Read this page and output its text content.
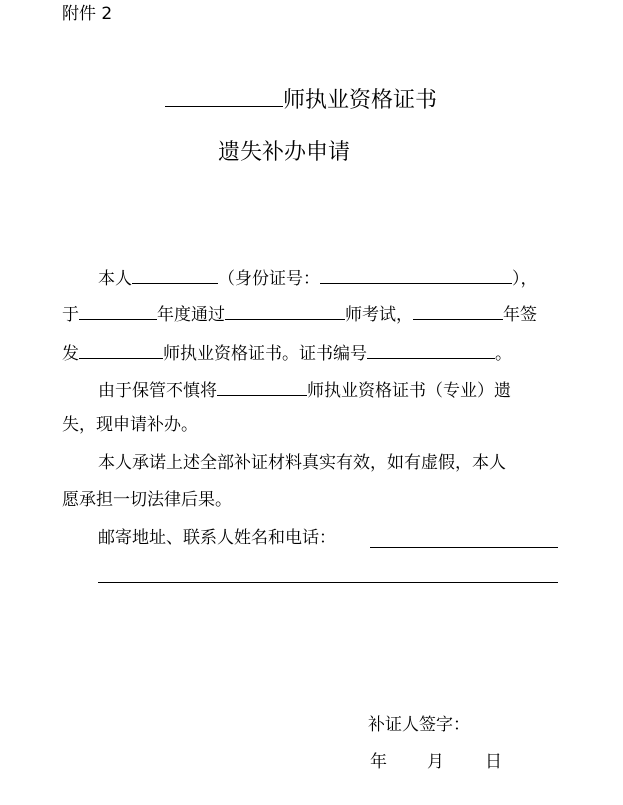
附件 2
师执业资格证书
遗失补办申请
本人	（身份证号：	），
于	年度通过	师考试，	年签
发	师执业资格证书。证书编号	。
由于保管不慎将	师执业资格证书（专业）遗
失，现申请补办。
本人承诺上述全部补证材料真实有效，如有虚假，本人
愿承担一切法律后果。
邮寄地址、联系人姓名和电话：
补证人签字：
年 月 日
